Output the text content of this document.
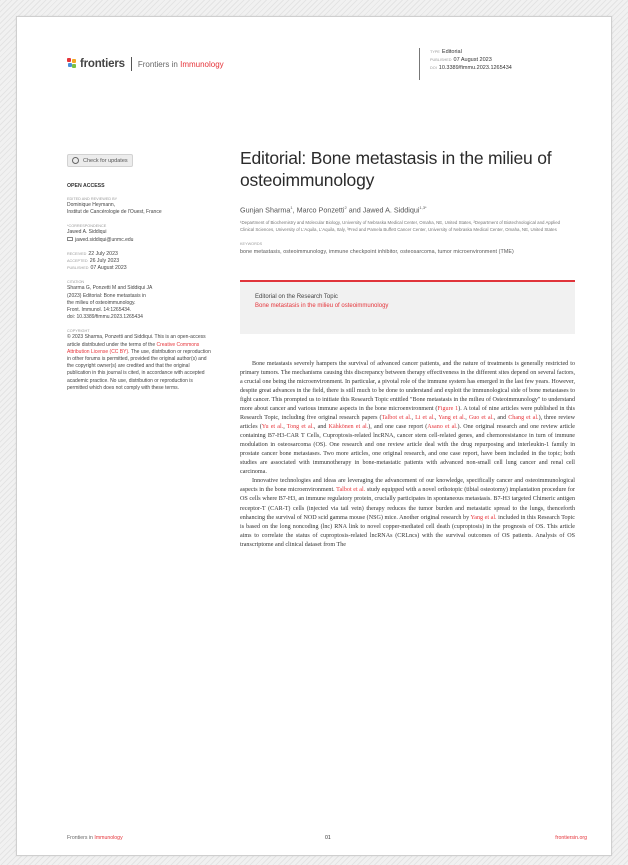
frontiers Frontiers in Immunology
TYPE Editorial
PUBLISHED 07 August 2023
DOI 10.3389/fimmu.2023.1265434
Check for updates
OPEN ACCESS
EDITED AND REVIEWED BY
Dominique Heymann,
Institut de Cancérologie de l'Ouest, France
*CORRESPONDENCE
Jawed A. Siddiqui
jawed.siddiqui@unmc.edu
RECEIVED 22 July 2023
ACCEPTED 26 July 2023
PUBLISHED 07 August 2023
CITATION
Sharma G, Ponzetti M and Siddiqui JA
(2023) Editorial: Bone metastasis in
the milieu of osteoimmunology.
Front. Immunol. 14:1265434.
doi: 10.3389/fimmu.2023.1265434
COPYRIGHT
© 2023 Sharma, Ponzetti and Siddiqui. This is an open-access article distributed under the terms of the Creative Commons Attribution License (CC BY). The use, distribution or reproduction in other forums is permitted, provided the original author(s) and the copyright owner(s) are credited and that the original publication in this journal is cited, in accordance with accepted academic practice. No use, distribution or reproduction is permitted which does not comply with these terms.
Editorial: Bone metastasis in the milieu of osteoimmunology
Gunjan Sharma$^1$, Marco Ponzetti$^2$ and Jawed A. Siddiqui$^{1,3*}$
¹Department of Biochemistry and Molecular Biology, University of Nebraska Medical Center, Omaha, NE, United States, ²Department of Biotechnological and Applied Clinical Sciences, University of L'Aquila, L'Aquila, Italy, ³Fred and Pamela Buffett Cancer Center, University of Nebraska Medical Center, Omaha, NE, United States
KEYWORDS
bone metastasis, osteoimmunology, immune checkpoint inhibitor, osteosarcoma, tumor microenvironment (TME)
Editorial on the Research Topic
Bone metastasis in the milieu of osteoimmunology

Bone metastasis severely hampers the survival of advanced cancer patients, and the nature of treatments is generally restricted to primary tumors. The mechanisms causing this discrepancy between therapy effectiveness in the different sites depend on several factors, a crucial one being the microenvironment. In particular, a pivotal role of the immune system has emerged in the last few years. However, despite great advances in the field, there is still much to be done to understand and exploit the immunological side of bone metastases to fight cancer. This prompted us to initiate this Research Topic entitled "Bone metastasis in the milieu of Osteoimmunology" to understand more about cancer and various immune aspects in the bone microenvironment (Figure 1). A total of nine articles were published in this Research Topic, including five original research papers (Talbot et al., Li et al., Yang et al., Guo et al., and Chang et al.), three review articles (Yu et al., Tong et al., and Kähkönen et al.), and one case report (Asano et al.). One original research and one review article containing B7-H3-CAR T Cells, Cuproptosis-related lncRNA, cancer stem cell-related genes, and chemoresistance in turn of immune modulation in osteosarcoma (OS). One research and one review article deal with the drug repurposing and interleukin-1 family in prostate cancer bone metastases. Two more articles, one original research, and one case report, have been included in the topic; both studies are associated with immunotherapy in bone-metastatic patients with advanced non-small cell lung cancer and renal cell carcinoma.

Innovative technologies and ideas are leveraging the advancement of our knowledge, specifically cancer and osteoimmunological aspects in the bone microenvironment. Talbot et al. study equipped with a novel orthotopic (tibial osteotomy) implantation procedure for OS cells where B7-H3, an immune regulatory protein, crucially participates in spontaneous metastasis. B7-H3 targeted Chimeric antigen receptor-T (CAR-T) cells (injected via tail vein) therapy reduces the tumor burden and metastatic spread to the lungs, thenceforth enhancing the survival of NOD scid gamma mouse (NSG) mice. Another original research by Yang et al. included in this Research Topic is based on the long noncoding (lnc) RNA link to novel copper-mediated cell death (cuproptosis) in the prognosis of OS. This article aims to correlate the status of cuproptosis-related lncRNAs (CRLncs) with the survival outcomes of OS patients. Analysis of OS transcriptome and clinical dataset from The

Frontiers in Immunology	01	frontiersin.org
